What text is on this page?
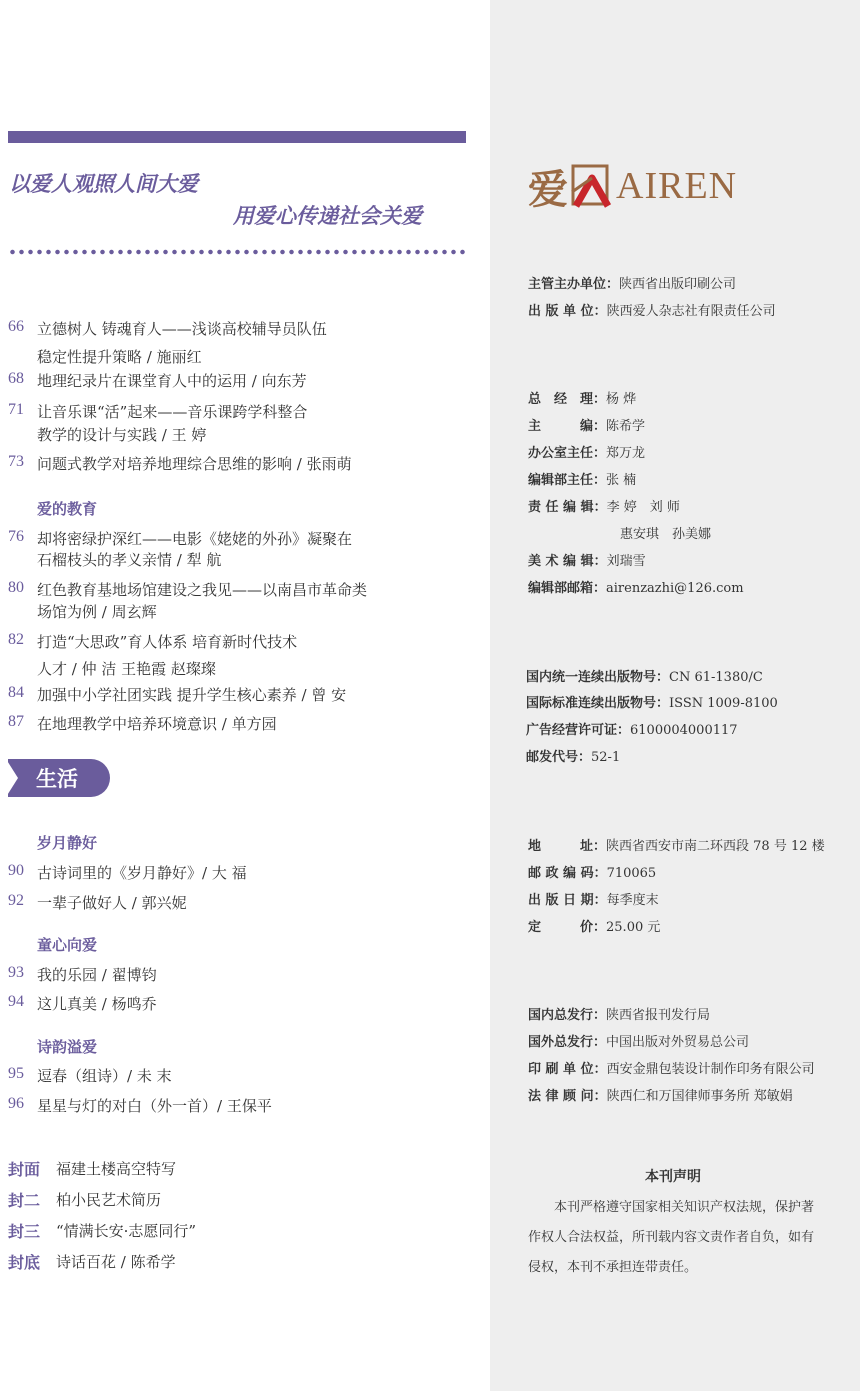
以爱人观照人间大爱
用爱心传递社会关爱
66 立德树人 铸魂育人——浅谈高校辅导员队伍
稳定性提升策略 / 施丽红
68 地理纪录片在课堂育人中的运用 / 向东芳
71 让音乐课“活”起来——音乐课跨学科整合
教学的设计与实践 / 王 婷
73 问题式教学对培养地理综合思维的影响 / 张雨萌
爱的教育
76 却将密绿护深红——电影《姥姥的外孙》凝聚在
石榴枝头的孝义亲情 / 犁 航
80 红色教育基地场馆建设之我见——以南昌市革命类
场馆为例 / 周玄辉
82 打造“大思政”育人体系 培育新时代技术
人才 / 仲 洁 王艳霞 赵璨璨
84 加强中小学社团实践 提升学生核心素养 / 曾 安
87 在地理教学中培养环境意识 / 单方园
生活
岁月静好
90 古诗词里的《岁月静好》/ 大 福
92 一辈子做好人 / 郭兴妮
童心向爱
93 我的乐园 / 翟博钧
94 这儿真美 / 杨鸣乔
诗韵溢爱
95 逗春（组诗）/ 未 末
96 星星与灯的对白（外一首）/ 王保平
封面 福建土楼高空特写
封二 柏小民艺术简历
封三 “情满长安·志愿同行”
封底 诗话百花 / 陈希学
爱 AIREN
主管主办单位：陕西省出版印刷公司
出 版 单 位：陕西爱人杂志社有限责任公司
总　经　理：杨 烨
主　　　编：陈希学
办公室主任：郑万龙
编辑部主任：张 楠
责 任 编 辑：李 婷　刘 师
惠安琪　孙美娜
美 术 编 辑：刘瑞雪
编辑部邮箱：airenzazhi@126.com
国内统一连续出版物号：CN 61-1380/C
国际标准连续出版物号：ISSN 1009-8100
广告经营许可证：6100004000117
邮发代号：52-1
地　　　址：陕西省西安市南二环西段 78 号 12 楼
邮 政 编 码：710065
出 版 日 期：每季度末
定　　　价：25.00 元
国内总发行：陕西省报刊发行局
国外总发行：中国出版对外贸易总公司
印 刷 单 位：西安金鼎包装设计制作印务有限公司
法 律 顾 问：陕西仁和万国律师事务所 郑敏娟
本刊声明
本刊严格遵守国家相关知识产权法规，保护著作权人合法权益，所刊载内容文责作者自负，如有侵权，本刊不承担连带责任。
